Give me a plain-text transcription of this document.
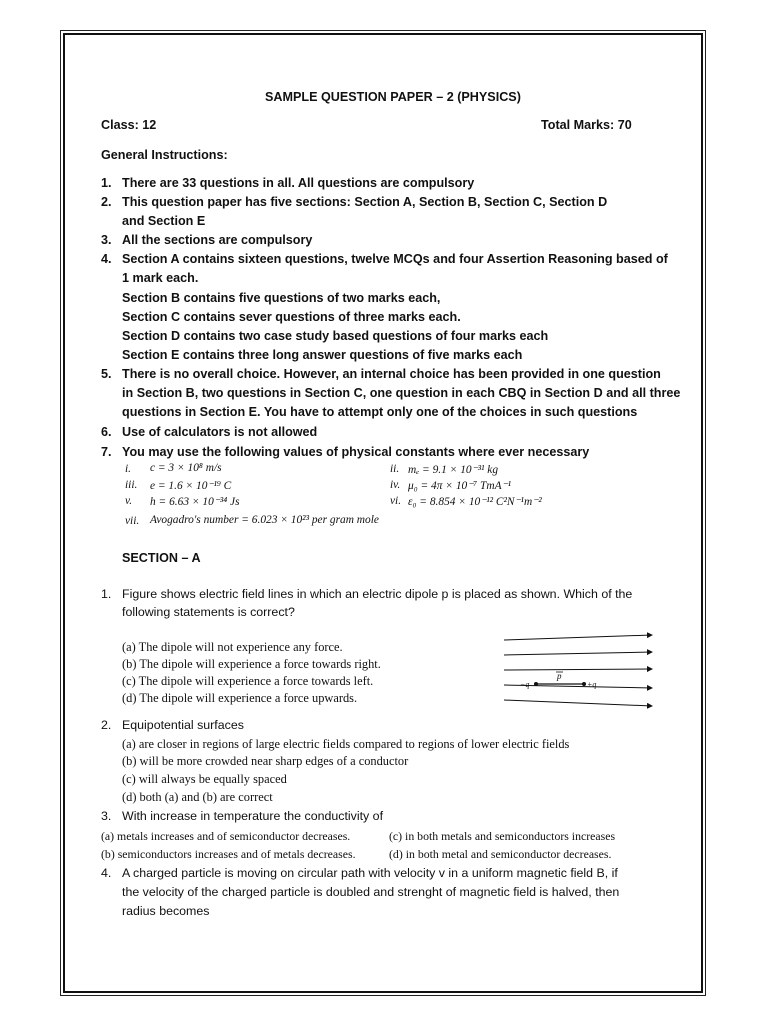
SAMPLE QUESTION PAPER – 2 (PHYSICS)
Class: 12	Total Marks: 70
General Instructions:
1. There are 33 questions in all. All questions are compulsory
2. This question paper has five sections: Section A, Section B, Section C, Section D
and Section E
3. All the sections are compulsory
4. Section A contains sixteen questions, twelve MCQs and four Assertion Reasoning based of
1 mark each.
Section B contains five questions of two marks each,
Section C contains sever questions of three marks each.
Section D contains two case study based questions of four marks each
Section E contains three long answer questions of five marks each
5. There is no overall choice. However, an internal choice has been provided in one question
in Section B, two questions in Section C, one question in each CBQ in Section D and all three
questions in Section E. You have to attempt only one of the choices in such questions
6. Use of calculators is not allowed
7. You may use the following values of physical constants where ever necessary
i. c = 3 × 10⁸ m/s	ii. mₑ = 9.1 × 10⁻³¹ kg
iii. e = 1.6 × 10⁻¹⁹ C	iv. μ₀ = 4π × 10⁻⁷ TmA⁻¹
v. h = 6.63 × 10⁻³⁴ Js	vi. ε₀ = 8.854 × 10⁻¹² C²N⁻¹m⁻²
vii. Avogadro's number = 6.023 × 10²³ per gram mole
SECTION – A
1. Figure shows electric field lines in which an electric dipole p is placed as shown. Which of the
following statements is correct?
(a) The dipole will not experience any force.
(b) The dipole will experience a force towards right.
(c) The dipole will experience a force towards left.
(d) The dipole will experience a force upwards.
−q	+q
p
2. Equipotential surfaces
(a) are closer in regions of large electric fields compared to regions of lower electric fields
(b) will be more crowded near sharp edges of a conductor
(c) will always be equally spaced
(d) both (a) and (b) are correct
3. With increase in temperature the conductivity of
(a) metals increases and of semiconductor decreases.	(c) in both metals and semiconductors increases
(b) semiconductors increases and of metals decreases.	(d) in both metal and semiconductor decreases.
4. A charged particle is moving on circular path with velocity v in a uniform magnetic field B, if
the velocity of the charged particle is doubled and strenght of magnetic field is halved, then
radius becomes
